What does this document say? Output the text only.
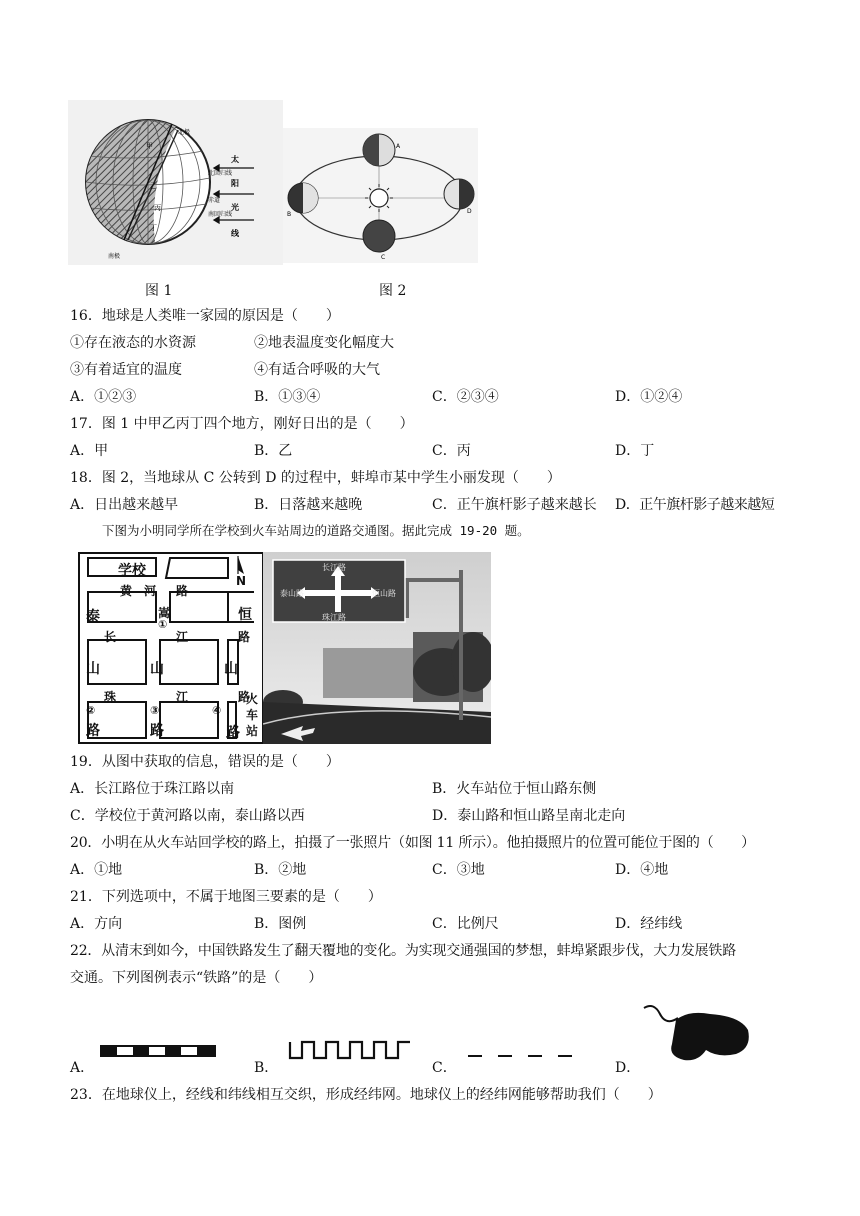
北极
南极
甲
乙
丙
丁
北回归线
赤道
南回归线
太
阳
光
线
A
B
C
D
图 1	图 2
16．地球是人类唯一家园的原因是（　　）
①存在液态的水资源	②地表温度变化幅度大
③有着适宜的温度	④有适合呼吸的大气
A．①②③	B．①③④	C．②③④	D．①②④
17．图 1 中甲乙丙丁四个地方，刚好日出的是（　　）
A．甲	B．乙	C．丙	D．丁
18．图 2，当地球从 C 公转到 D 的过程中，蚌埠市某中学生小丽发现（　　）
A．日出越来越早	B．日落越来越晚	C．正午旗杆影子越来越长 D．正午旗杆影子越来越短
下图为小明同学所在学校到火车站周边的道路交通图。据此完成 19-20 题。
学校
N
黄 河 路
泰	嵩
①
恒
长	江	路
山	山	山
珠	江	路
②
路
③
路
④
路
火
车
站
长江路
泰山路	恒山路
珠江路
19．从图中获取的信息，错误的是（　　）
A．长江路位于珠江路以南	B．火车站位于恒山路东侧
C．学校位于黄河路以南，泰山路以西	D．泰山路和恒山路呈南北走向
20．小明在从火车站回学校的路上，拍摄了一张照片（如图 11 所示）。他拍摄照片的位置可能位于图的（　　）
A．①地	B．②地	C．③地	D．④地
21．下列选项中，不属于地图三要素的是（　　）
A．方向	B．图例	C．比例尺	D．经纬线
22．从清末到如今，中国铁路发生了翻天覆地的变化。为实现交通强国的梦想，蚌埠紧跟步伐，大力发展铁路
交通。下列图例表示“铁路”的是（　　）
A．	B．	C．	D．
23．在地球仪上，经线和纬线相互交织，形成经纬网。地球仪上的经纬网能够帮助我们（　　）
